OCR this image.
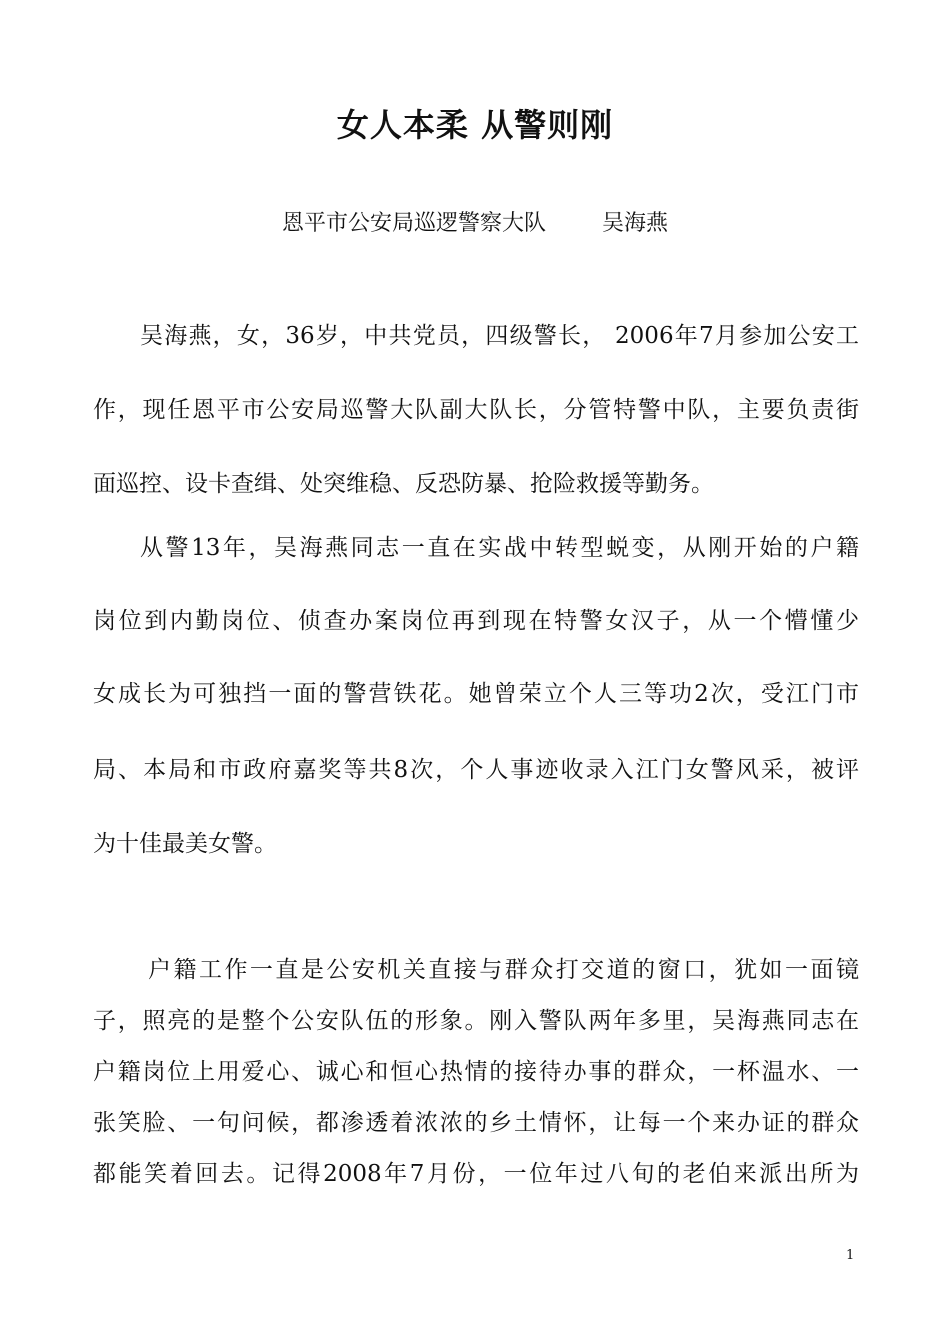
女人本柔 从警则刚
恩平市公安局巡逻警察大队        吴海燕
吴海燕，女，36岁，中共党员，四级警长， 2006年7月参加公安工
作，现任恩平市公安局巡警大队副大队长，分管特警中队，主要负责街
面巡控、设卡查缉、处突维稳、反恐防暴、抢险救援等勤务。
从警13年，吴海燕同志一直在实战中转型蜕变，从刚开始的户籍
岗位到内勤岗位、侦查办案岗位再到现在特警女汉子，从一个懵懂少
女成长为可独挡一面的警营铁花。她曾荣立个人三等功2次，受江门市
局、本局和市政府嘉奖等共8次，个人事迹收录入江门女警风采，被评
为十佳最美女警。
户籍工作一直是公安机关直接与群众打交道的窗口，犹如一面镜
子，照亮的是整个公安队伍的形象。刚入警队两年多里，吴海燕同志在
户籍岗位上用爱心、诚心和恒心热情的接待办事的群众，一杯温水、一
张笑脸、一句问候，都渗透着浓浓的乡土情怀，让每一个来办证的群众
都能笑着回去。记得2008年7月份，一位年过八旬的老伯来派出所为
1
